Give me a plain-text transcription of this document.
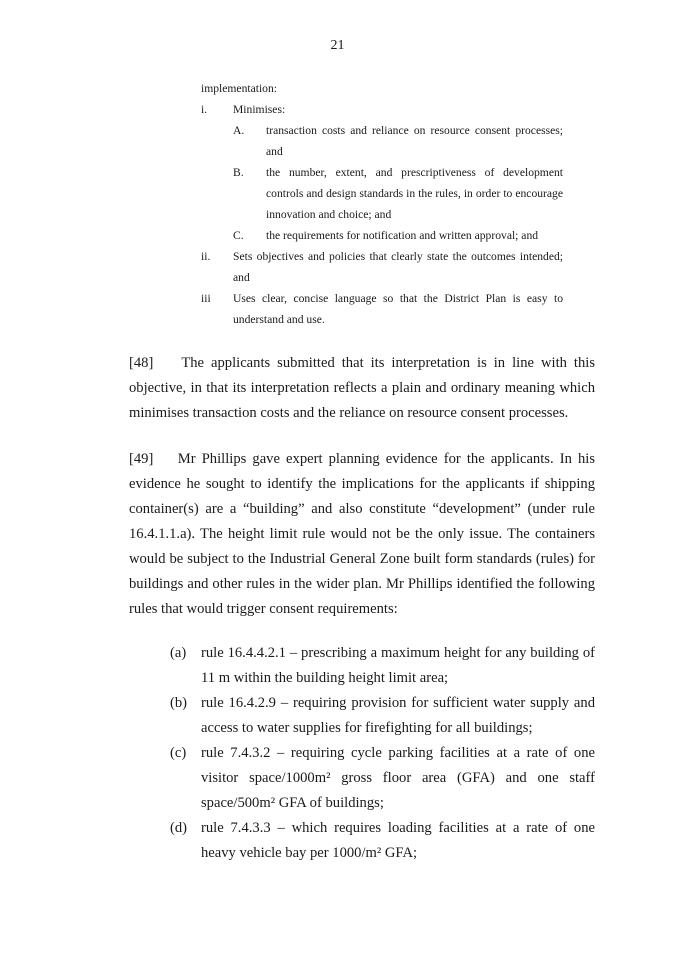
21
implementation:
i.	Minimises:
A.	transaction costs and reliance on resource consent processes; and
B.	the number, extent, and prescriptiveness of development controls and design standards in the rules, in order to encourage innovation and choice; and
C.	the requirements for notification and written approval; and
ii.	Sets objectives and policies that clearly state the outcomes intended; and
iii	Uses clear, concise language so that the District Plan is easy to understand and use.

[48] The applicants submitted that its interpretation is in line with this objective, in that its interpretation reflects a plain and ordinary meaning which minimises transaction costs and the reliance on resource consent processes.

[49] Mr Phillips gave expert planning evidence for the applicants. In his evidence he sought to identify the implications for the applicants if shipping container(s) are a “building” and also constitute “development” (under rule 16.4.1.1.a). The height limit rule would not be the only issue. The containers would be subject to the Industrial General Zone built form standards (rules) for buildings and other rules in the wider plan. Mr Phillips identified the following rules that would trigger consent requirements:

(a)	rule 16.4.4.2.1 – prescribing a maximum height for any building of 11 m within the building height limit area;
(b) rule 16.4.2.9 – requiring provision for sufficient water supply and access to water supplies for firefighting for all buildings;
(c)	rule 7.4.3.2 – requiring cycle parking facilities at a rate of one visitor space/1000m² gross floor area (GFA) and one staff space/500m² GFA of buildings;
(d) rule 7.4.3.3 – which requires loading facilities at a rate of one heavy vehicle bay per 1000/m² GFA;
